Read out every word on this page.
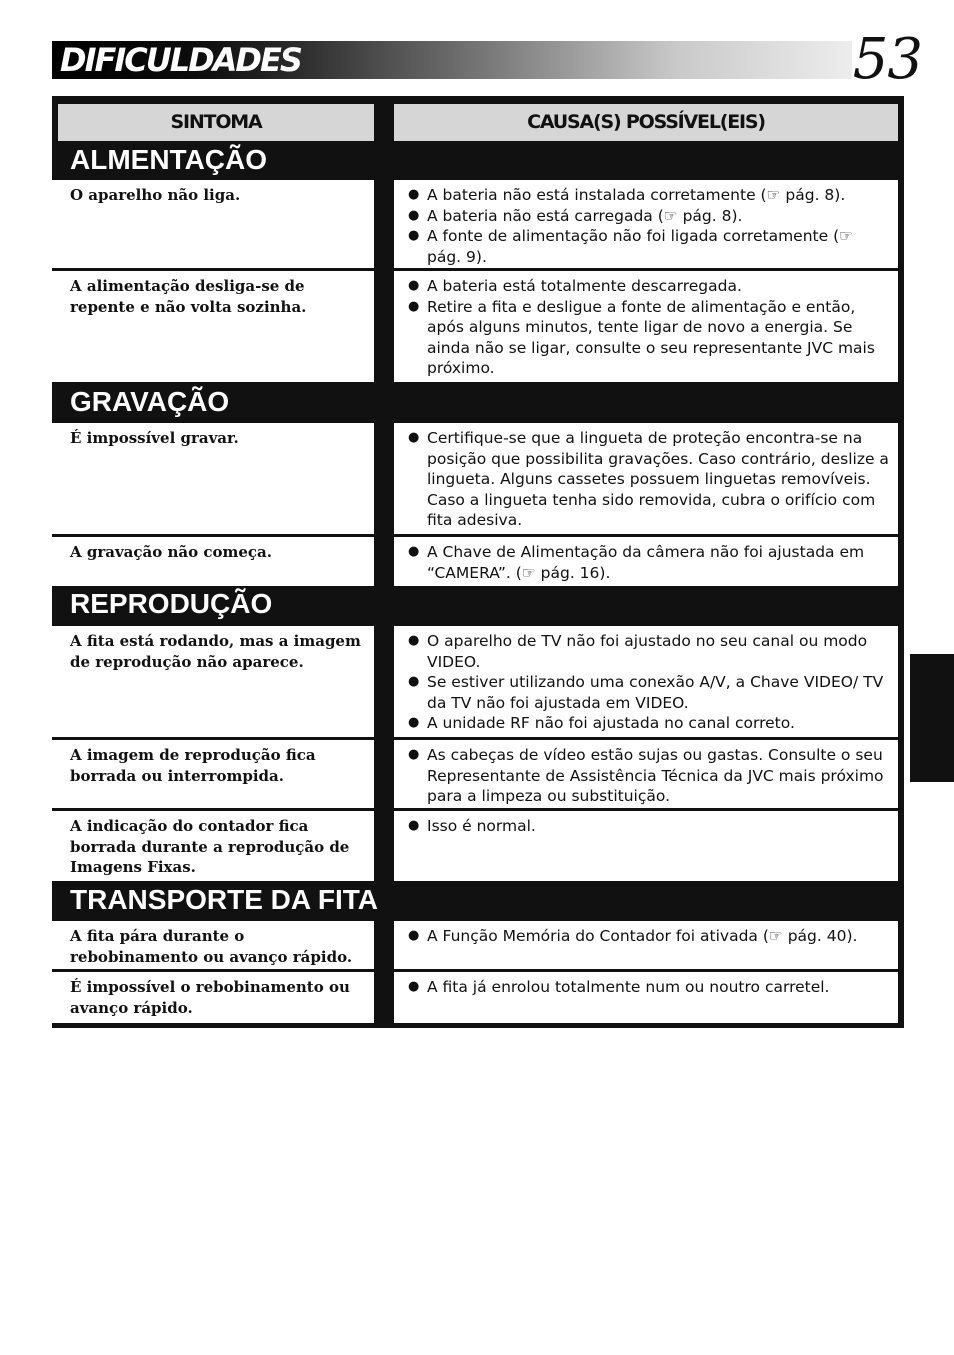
DIFICULDADES	53
SINTOMA	CAUSA(S) POSSÍVEL(EIS)
ALMENTAÇÃO
O aparelho não liga.	● A bateria não está instalada corretamente (☞ pág. 8).
● A bateria não está carregada (☞ pág. 8).
● A fonte de alimentação não foi ligada corretamente (☞ pág. 9).
A alimentação desliga-se de repente e não volta sozinha.
● A bateria está totalmente descarregada.
● Retire a fita e desligue a fonte de alimentação e então, após alguns minutos, tente ligar de novo a energia. Se ainda não se ligar, consulte o seu representante JVC mais próximo.
GRAVAÇÃO
É impossível gravar.	● Certifique-se que a lingueta de proteção encontra-se na posição que possibilita gravações. Caso contrário, deslize a lingueta. Alguns cassetes possuem linguetas removíveis. Caso a lingueta tenha sido removida, cubra o orifício com fita adesiva.
A gravação não começa.	● A Chave de Alimentação da câmera não foi ajustada em “CAMERA”. (☞ pág. 16).
REPRODUÇÃO
A fita está rodando, mas a imagem de reprodução não aparece.
● O aparelho de TV não foi ajustado no seu canal ou modo VIDEO.
● Se estiver utilizando uma conexão A/V, a Chave VIDEO/ TV da TV não foi ajustada em VIDEO.
● A unidade RF não foi ajustada no canal correto.
A imagem de reprodução fica borrada ou interrompida.
● As cabeças de vídeo estão sujas ou gastas. Consulte o seu Representante de Assistência Técnica da JVC mais próximo para a limpeza ou substituição.
A indicação do contador fica borrada durante a reprodução de Imagens Fixas.
● Isso é normal.
TRANSPORTE DA FITA
A fita pára durante o rebobinamento ou avanço rápido.
● A Função Memória do Contador foi ativada (☞ pág. 40).
É impossível o rebobinamento ou avanço rápido.
● A fita já enrolou totalmente num ou noutro carretel.
